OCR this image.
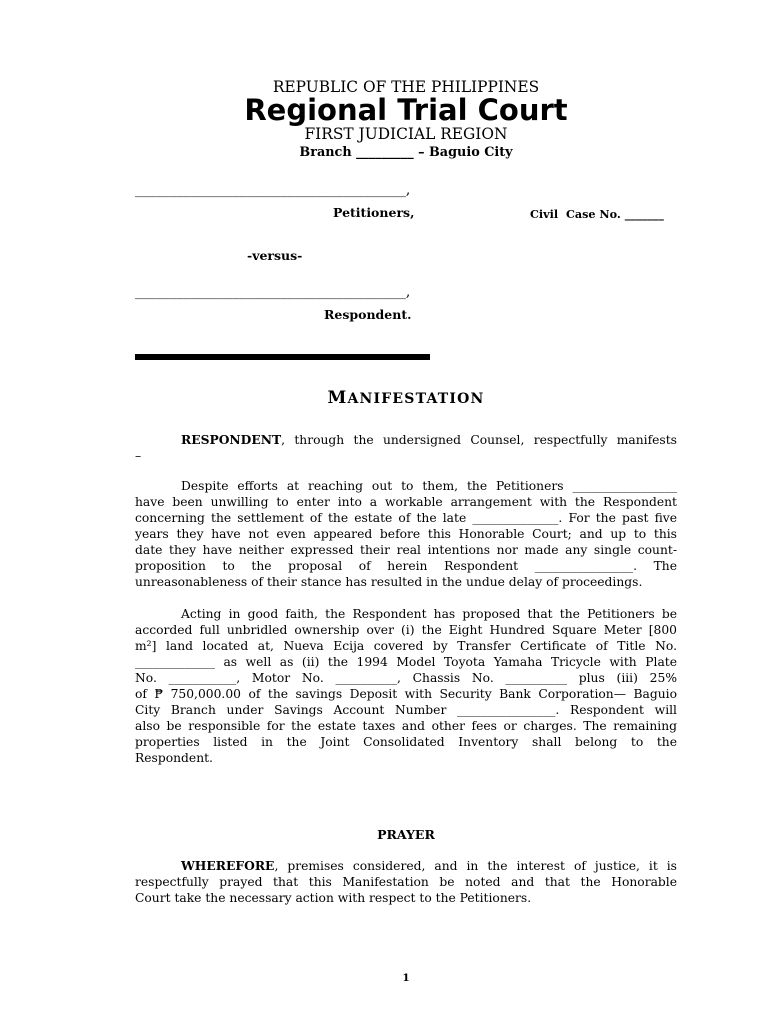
REPUBLIC OF THE PHILIPPINES
Regional Trial Court
FIRST JUDICIAL REGION
Branch _________ – Baguio City
_______________________________________,
Petitioners,	Civil  Case No. _______
-versus-
_______________________________________,
Respondent.
MANIFESTATION
RESPONDENT, through the undersigned Counsel, respectfully manifests
–
Despite efforts at reaching out to them, the Petitioners _________________
have been unwilling to enter into a workable arrangement with the Respondent
concerning the settlement of the estate of the late ______________. For the past five
years they have not even appeared before this Honorable Court; and up to this
date they have neither expressed their real intentions nor made any single count-
proposition to the proposal of herein Respondent ________________. The
unreasonableness of their stance has resulted in the undue delay of proceedings.
Acting in good faith, the Respondent has proposed that the Petitioners be
accorded full unbridled ownership over (i) the Eight Hundred Square Meter [800
m²] land located at, Nueva Ecija covered by Transfer Certificate of Title No.
_____________ as well as (ii) the 1994 Model Toyota Yamaha Tricycle with Plate
No. ___________, Motor No. __________, Chassis No. __________ plus (iii) 25%
of ₱ 750,000.00 of the savings Deposit with Security Bank Corporation— Baguio
City Branch under Savings Account Number ________________. Respondent will
also be responsible for the estate taxes and other fees or charges. The remaining
properties listed in the Joint Consolidated Inventory shall belong to the
Respondent.
PRAYER
WHEREFORE, premises considered, and in the interest of justice, it is
respectfully prayed that this Manifestation be noted and that the Honorable
Court take the necessary action with respect to the Petitioners.
1
